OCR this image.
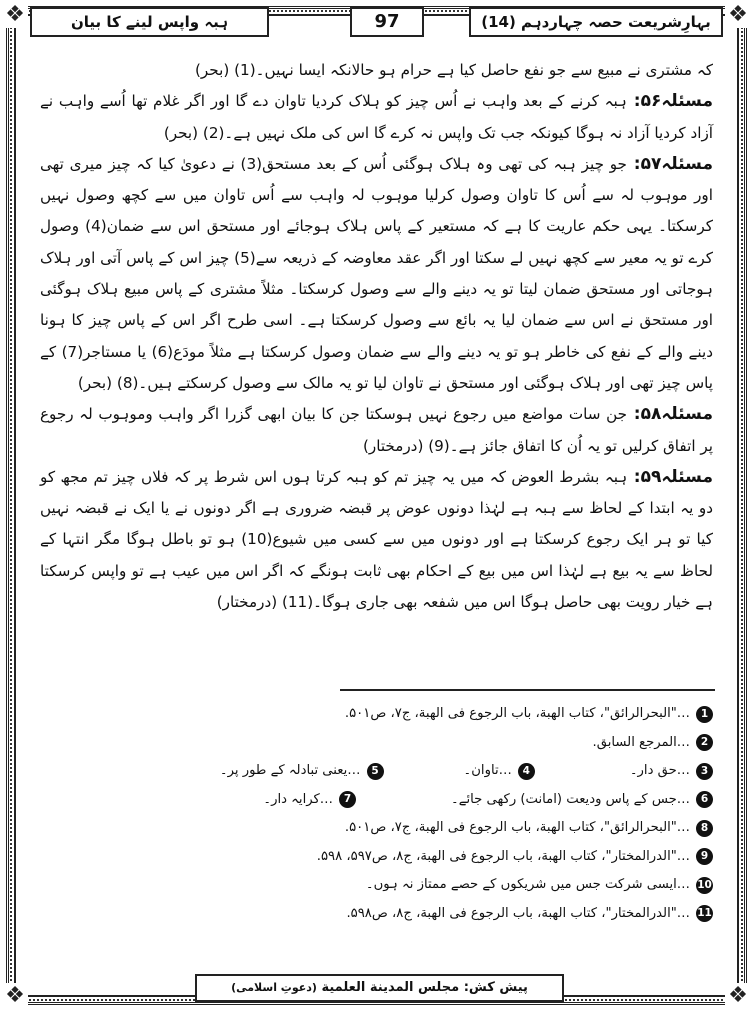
❖	❖
❖	❖
بہارِشریعت حصہ چہاردہم (14)
97
ہبہ واپس لینے کا بیان

کہ مشتری نے مبیع سے جو نفع حاصل کیا ہے حرام ہو حالانکہ ایسا نہیں۔(1) (بحر)

مسئلہ۵۶: ہبہ کرنے کے بعد واہب نے اُس چیز کو ہلاک کردیا تاوان دے گا اور اگر غلام تھا اُسے واہب نے آزاد کردیا آزاد نہ ہوگا کیونکہ جب تک واپس نہ کرے گا اس کی ملک نہیں ہے۔(2) (بحر)

مسئلہ۵۷: جو چیز ہبہ کی تھی وہ ہلاک ہوگئی اُس کے بعد مستحق(3) نے دعویٰ کیا کہ چیز میری تھی اور موہوب لہ سے اُس کا تاوان وصول کرلیا موہوب لہ واہب سے اُس تاوان میں سے کچھ وصول نہیں کرسکتا۔ یہی حکم عاریت کا ہے کہ مستعیر کے پاس ہلاک ہوجائے اور مستحق اس سے ضمان(4) وصول کرے تو یہ معیر سے کچھ نہیں لے سکتا اور اگر عقد معاوضہ کے ذریعہ سے(5) چیز اس کے پاس آتی اور ہلاک ہوجاتی اور مستحق ضمان لیتا تو یہ دینے والے سے وصول کرسکتا۔ مثلاً مشتری کے پاس مبیع ہلاک ہوگئی اور مستحق نے اس سے ضمان لیا یہ بائع سے وصول کرسکتا ہے۔ اسی طرح اگر اس کے پاس چیز کا ہونا دینے والے کے نفع کی خاطر ہو تو یہ دینے والے سے ضمان وصول کرسکتا ہے مثلاً مودَع(6) یا مستاجر(7) کے پاس چیز تھی اور ہلاک ہوگئی اور مستحق نے تاوان لیا تو یہ مالک سے وصول کرسکتے ہیں۔(8) (بحر)

مسئلہ۵۸: جن سات مواضع میں رجوع نہیں ہوسکتا جن کا بیان ابھی گزرا اگر واہب وموہوب لہ رجوع پر اتفاق کرلیں تو یہ اُن کا اتفاق جائز ہے۔(9) (درمختار)

مسئلہ۵۹: ہبہ بشرط العوض کہ میں یہ چیز تم کو ہبہ کرتا ہوں اس شرط پر کہ فلاں چیز تم مجھ کو دو یہ ابتدا کے لحاظ سے ہبہ ہے لہٰذا دونوں عوض پر قبضہ ضروری ہے اگر دونوں نے یا ایک نے قبضہ نہیں کیا تو ہر ایک رجوع کرسکتا ہے اور دونوں میں سے کسی میں شیوع(10) ہو تو باطل ہوگا مگر انتہا کے لحاظ سے یہ بیع ہے لہٰذا اس میں بیع کے احکام بھی ثابت ہونگے کہ اگر اس میں عیب ہے تو واپس کرسکتا ہے خیار رویت بھی حاصل ہوگا اس میں شفعہ بھی جاری ہوگا۔(11) (درمختار)

1
…"البحرالرائق"، كتاب الهبة، باب الرجوع فی الهبة، ج۷، ص۵۰۱.
2
…المرجع السابق.
3
…حق دار۔
4
…تاوان۔
5
…یعنی تبادلہ کے طور پر۔
6
…جس کے پاس ودیعت (امانت) رکھی جائے۔
7
…کرایہ دار۔
8
…"البحرالرائق"، كتاب الهبة، باب الرجوع فی الهبة، ج۷، ص۵۰۱.
9
…"الدرالمختار"، كتاب الهبة، باب الرجوع فی الهبة، ج۸، ص۵۹۷، ۵۹۸.
10
…ایسی شرکت جس میں شریکوں کے حصے ممتاز نہ ہوں۔
11
…"الدرالمختار"، كتاب الهبة، باب الرجوع فی الهبة، ج۸، ص۵۹۸.
پیش کش: مجلس المدینة العلمیة (دعوتِ اسلامی)
